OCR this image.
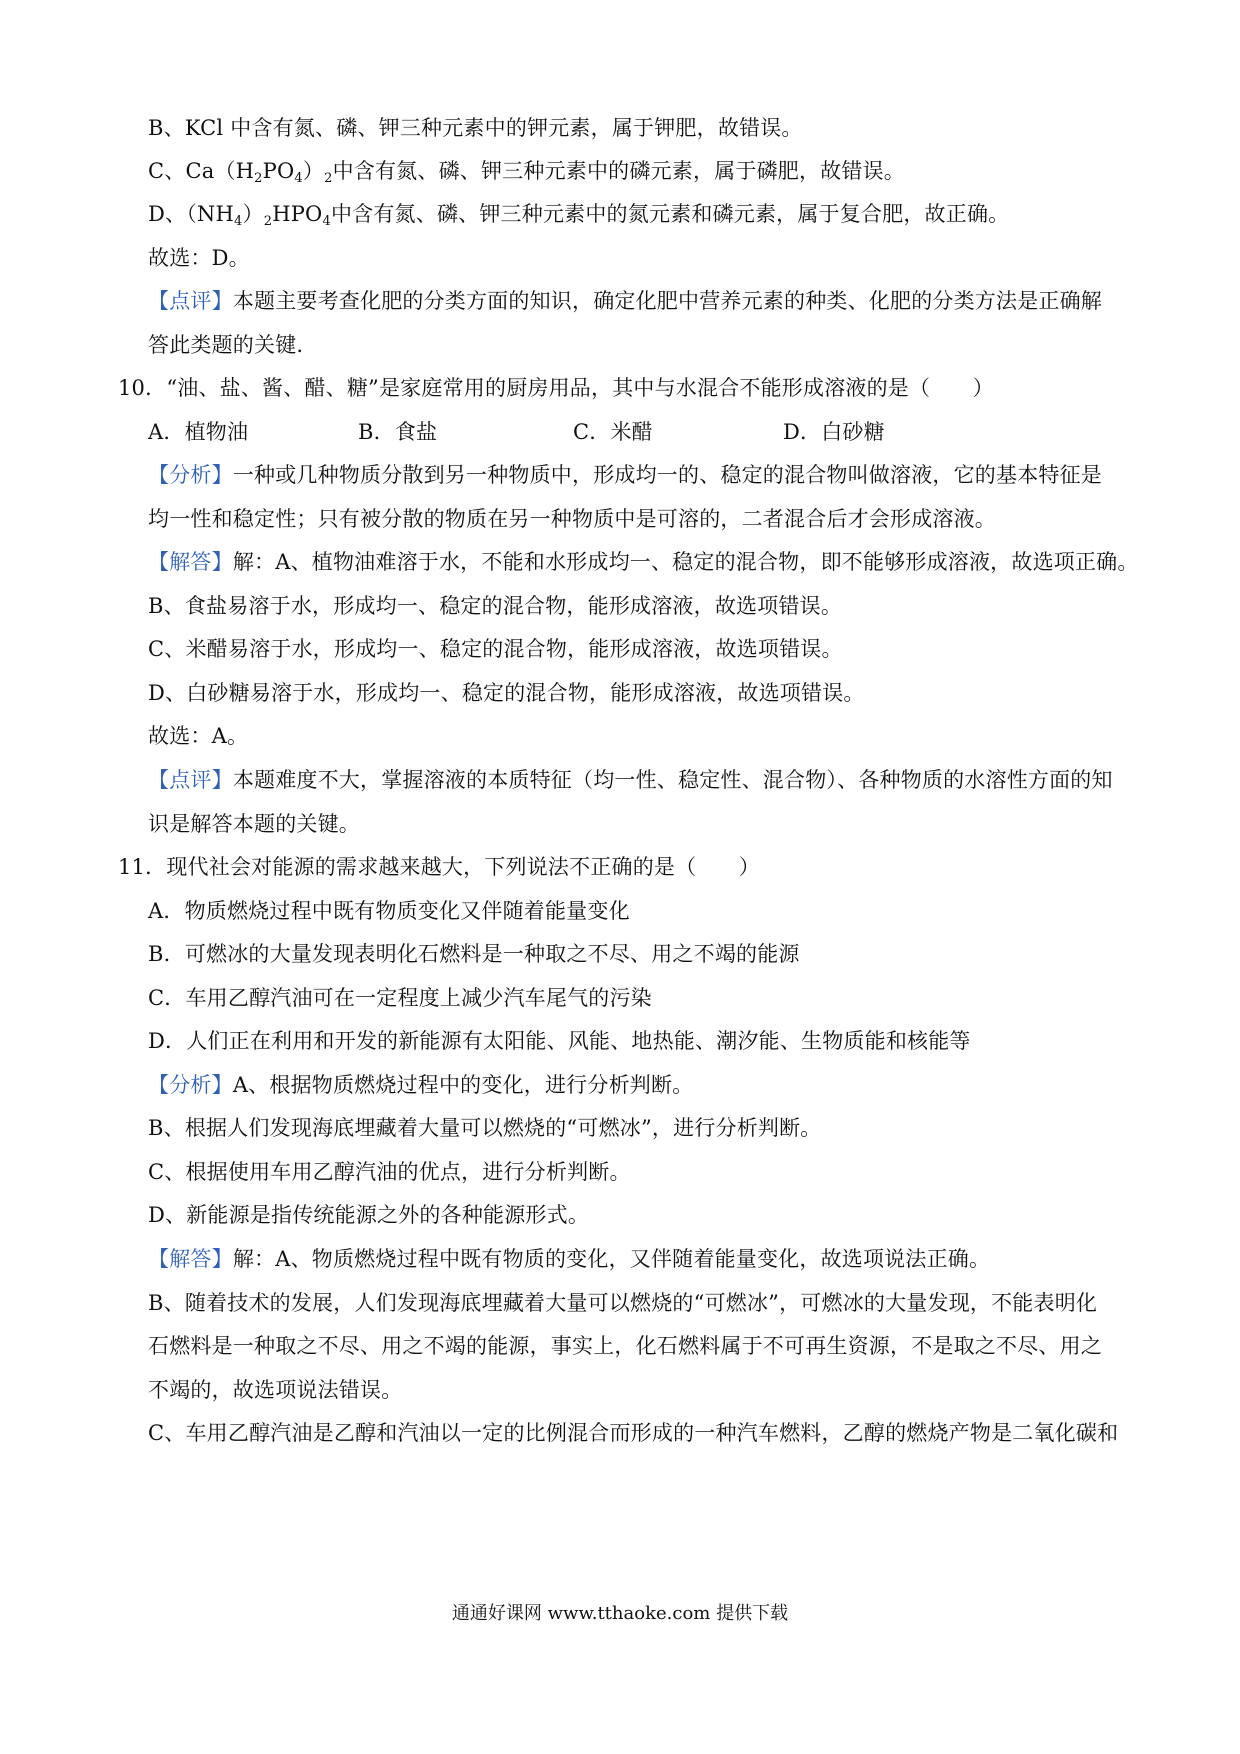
B、KCl 中含有氮、磷、钾三种元素中的钾元素，属于钾肥，故错误。
C、$Ca(H_2PO_4)_2$中含有氮、磷、钾三种元素中的磷元素，属于磷肥，故错误。
D、$(NH_4)_2HPO_4$中含有氮、磷、钾三种元素中的氮元素和磷元素，属于复合肥，故正确。
故选：D。
【点评】本题主要考查化肥的分类方面的知识，确定化肥中营养元素的种类、化肥的分类方法是正确解
答此类题的关键.
10．“油、盐、酱、醋、糖”是家庭常用的厨房用品，其中与水混合不能形成溶液的是（　　）
A．植物油	B．食盐	C．米醋	D．白砂糖
【分析】一种或几种物质分散到另一种物质中，形成均一的、稳定的混合物叫做溶液，它的基本特征是
均一性和稳定性；只有被分散的物质在另一种物质中是可溶的，二者混合后才会形成溶液。
【解答】解：A、植物油难溶于水，不能和水形成均一、稳定的混合物，即不能够形成溶液，故选项正确。
B、食盐易溶于水，形成均一、稳定的混合物，能形成溶液，故选项错误。
C、米醋易溶于水，形成均一、稳定的混合物，能形成溶液，故选项错误。
D、白砂糖易溶于水，形成均一、稳定的混合物，能形成溶液，故选项错误。
故选：A。
【点评】本题难度不大，掌握溶液的本质特征（均一性、稳定性、混合物）、各种物质的水溶性方面的知
识是解答本题的关键。
11．现代社会对能源的需求越来越大，下列说法不正确的是（　　）
A．物质燃烧过程中既有物质变化又伴随着能量变化
B．可燃冰的大量发现表明化石燃料是一种取之不尽、用之不竭的能源
C．车用乙醇汽油可在一定程度上减少汽车尾气的污染
D．人们正在利用和开发的新能源有太阳能、风能、地热能、潮汐能、生物质能和核能等
【分析】A、根据物质燃烧过程中的变化，进行分析判断。
B、根据人们发现海底埋藏着大量可以燃烧的“可燃冰”，进行分析判断。
C、根据使用车用乙醇汽油的优点，进行分析判断。
D、新能源是指传统能源之外的各种能源形式。
【解答】解：A、物质燃烧过程中既有物质的变化，又伴随着能量变化，故选项说法正确。
B、随着技术的发展，人们发现海底埋藏着大量可以燃烧的“可燃冰”，可燃冰的大量发现，不能表明化
石燃料是一种取之不尽、用之不竭的能源，事实上，化石燃料属于不可再生资源，不是取之不尽、用之
不竭的，故选项说法错误。
C、车用乙醇汽油是乙醇和汽油以一定的比例混合而形成的一种汽车燃料，乙醇的燃烧产物是二氧化碳和
通通好课网 www.tthaoke.com 提供下载
